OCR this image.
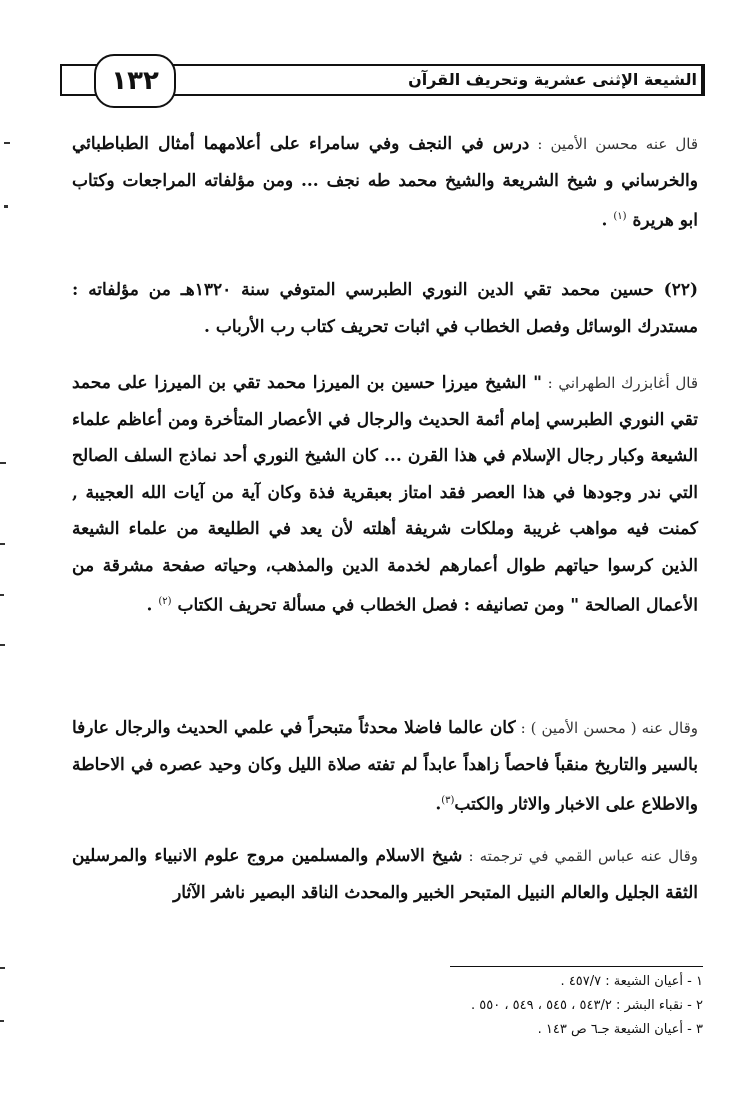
الشيعة الإثنى عشرية وتحريف القرآن
١٣٢
قال عنه محسن الأمين : درس في النجف وفي سامراء على أعلامهما أمثال الطباطبائي والخرساني و شيخ الشريعة والشيخ محمد طه نجف ... ومن مؤلفاته المراجعات وكتاب ابو هريرة $^{(١)}$ .
(٢٢) حسين محمد تقي الدين النوري الطبرسي المتوفي سنة ١٣٢٠هـ من مؤلفاته : مستدرك الوسائل وفصل الخطاب في اثبات تحريف كتاب رب الأرباب .
قال أغابزرك الطهراني : " الشيخ ميرزا حسين بن الميرزا محمد تقي بن الميرزا على محمد تقي النوري الطبرسي إمام أئمة الحديث والرجال في الأعصار المتأخرة ومن أعاظم علماء الشيعة وكبار رجال الإسلام في هذا القرن ... كان الشيخ النوري أحد نماذج السلف الصالح التي ندر وجودها في هذا العصر فقد امتاز بعبقرية فذة وكان آية من آيات الله العجيبة , كمنت فيه مواهب غريبة وملكات شريفة أهلته لأن يعد في الطليعة من علماء الشيعة الذين كرسوا حياتهم طوال أعمارهم لخدمة الدين والمذهب، وحياته صفحة مشرقة من الأعمال الصالحة " ومن تصانيفه : فصل الخطاب في مسألة تحريف الكتاب $^{(٢)}$ .
وقال عنه ( محسن الأمين ) : كان عالما فاضلا محدثاً متبحراً في علمي الحديث والرجال عارفا بالسير والتاريخ منقباً فاحصاً زاهداً عابداً لم تفته صلاة الليل وكان وحيد عصره في الاحاطة والاطلاع على الاخبار والاثار والكتب$^{(٣)}$.
وقال عنه عباس القمي في ترجمته : شيخ الاسلام والمسلمين مروج علوم الانبياء والمرسلين الثقة الجليل والعالم النبيل المتبحر الخبير والمحدث الناقد البصير ناشر الآثار
١ - أعيان الشيعة : ٤٥٧/٧ .
٢ - نقباء البشر : ٥٤٣/٢ ، ٥٤٥ ، ٥٤٩ ، ٥٥٠ .
٣ - أعيان الشيعة جـ٦ ص ١٤٣ .
